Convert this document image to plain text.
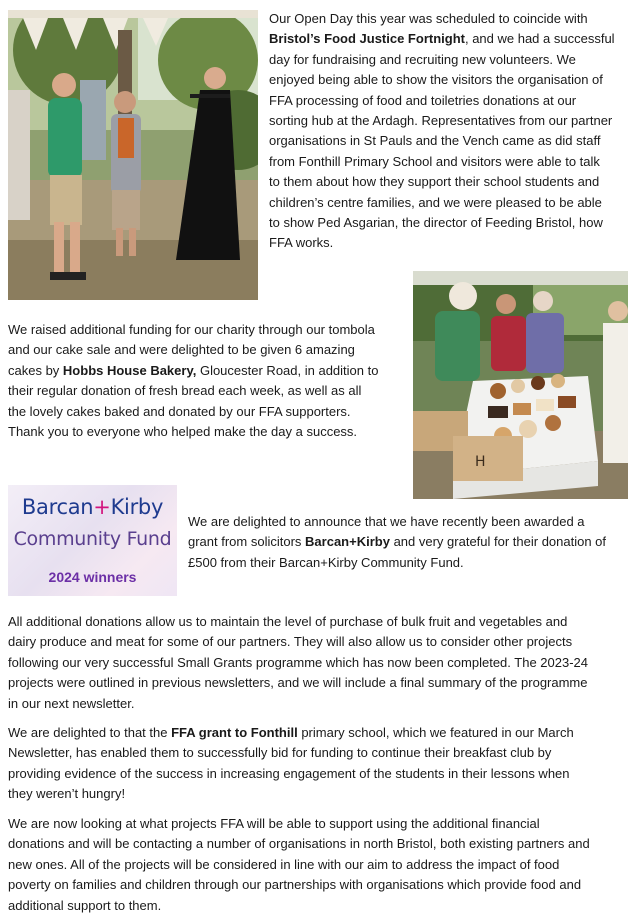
Our Open Day this year was scheduled to coincide with
Bristol’s Food Justice Fortnight, and we had a successful
day for fundraising and recruiting new volunteers. We
enjoyed being able to show the visitors the organisation of
FFA processing of food and toiletries donations at our
sorting hub at the Ardagh. Representatives from our partner
organisations in St Pauls and the Vench came as did staff
from Fonthill Primary School and visitors were able to talk
to them about how they support their school students and
children’s centre families, and we were pleased to be able
to show Ped Asgarian, the director of Feeding Bristol, how
FFA works.

We raised additional funding for our charity through our tombola
and our cake sale and were delighted to be given 6 amazing
cakes by Hobbs House Bakery, Gloucester Road, in addition to
their regular donation of fresh bread each week, as well as all
the lovely cakes baked and donated by our FFA supporters.
Thank you to everyone who helped make the day a success.

H
Barcan+Kirby
Community Fund
2024 winners

We are delighted to announce that we have recently been awarded a
grant from solicitors Barcan+Kirby and very grateful for their donation of
£500 from their Barcan+Kirby Community Fund.

All additional donations allow us to maintain the level of purchase of bulk fruit and vegetables and
dairy produce and meat for some of our partners. They will also allow us to consider other projects
following our very successful Small Grants programme which has now been completed. The 2023-24
projects were outlined in previous newsletters, and we will include a final summary of the programme
in our next newsletter.

We are delighted to that the FFA grant to Fonthill primary school, which we featured in our March
Newsletter, has enabled them to successfully bid for funding to continue their breakfast club by
providing evidence of the success in increasing engagement of the students in their lessons when
they weren’t hungry!

We are now looking at what projects FFA will be able to support using the additional financial
donations and will be contacting a number of organisations in north Bristol, both existing partners and
new ones. All of the projects will be considered in line with our aim to address the impact of food
poverty on families and children through our partnerships with organisations which provide food and
additional support to them.
